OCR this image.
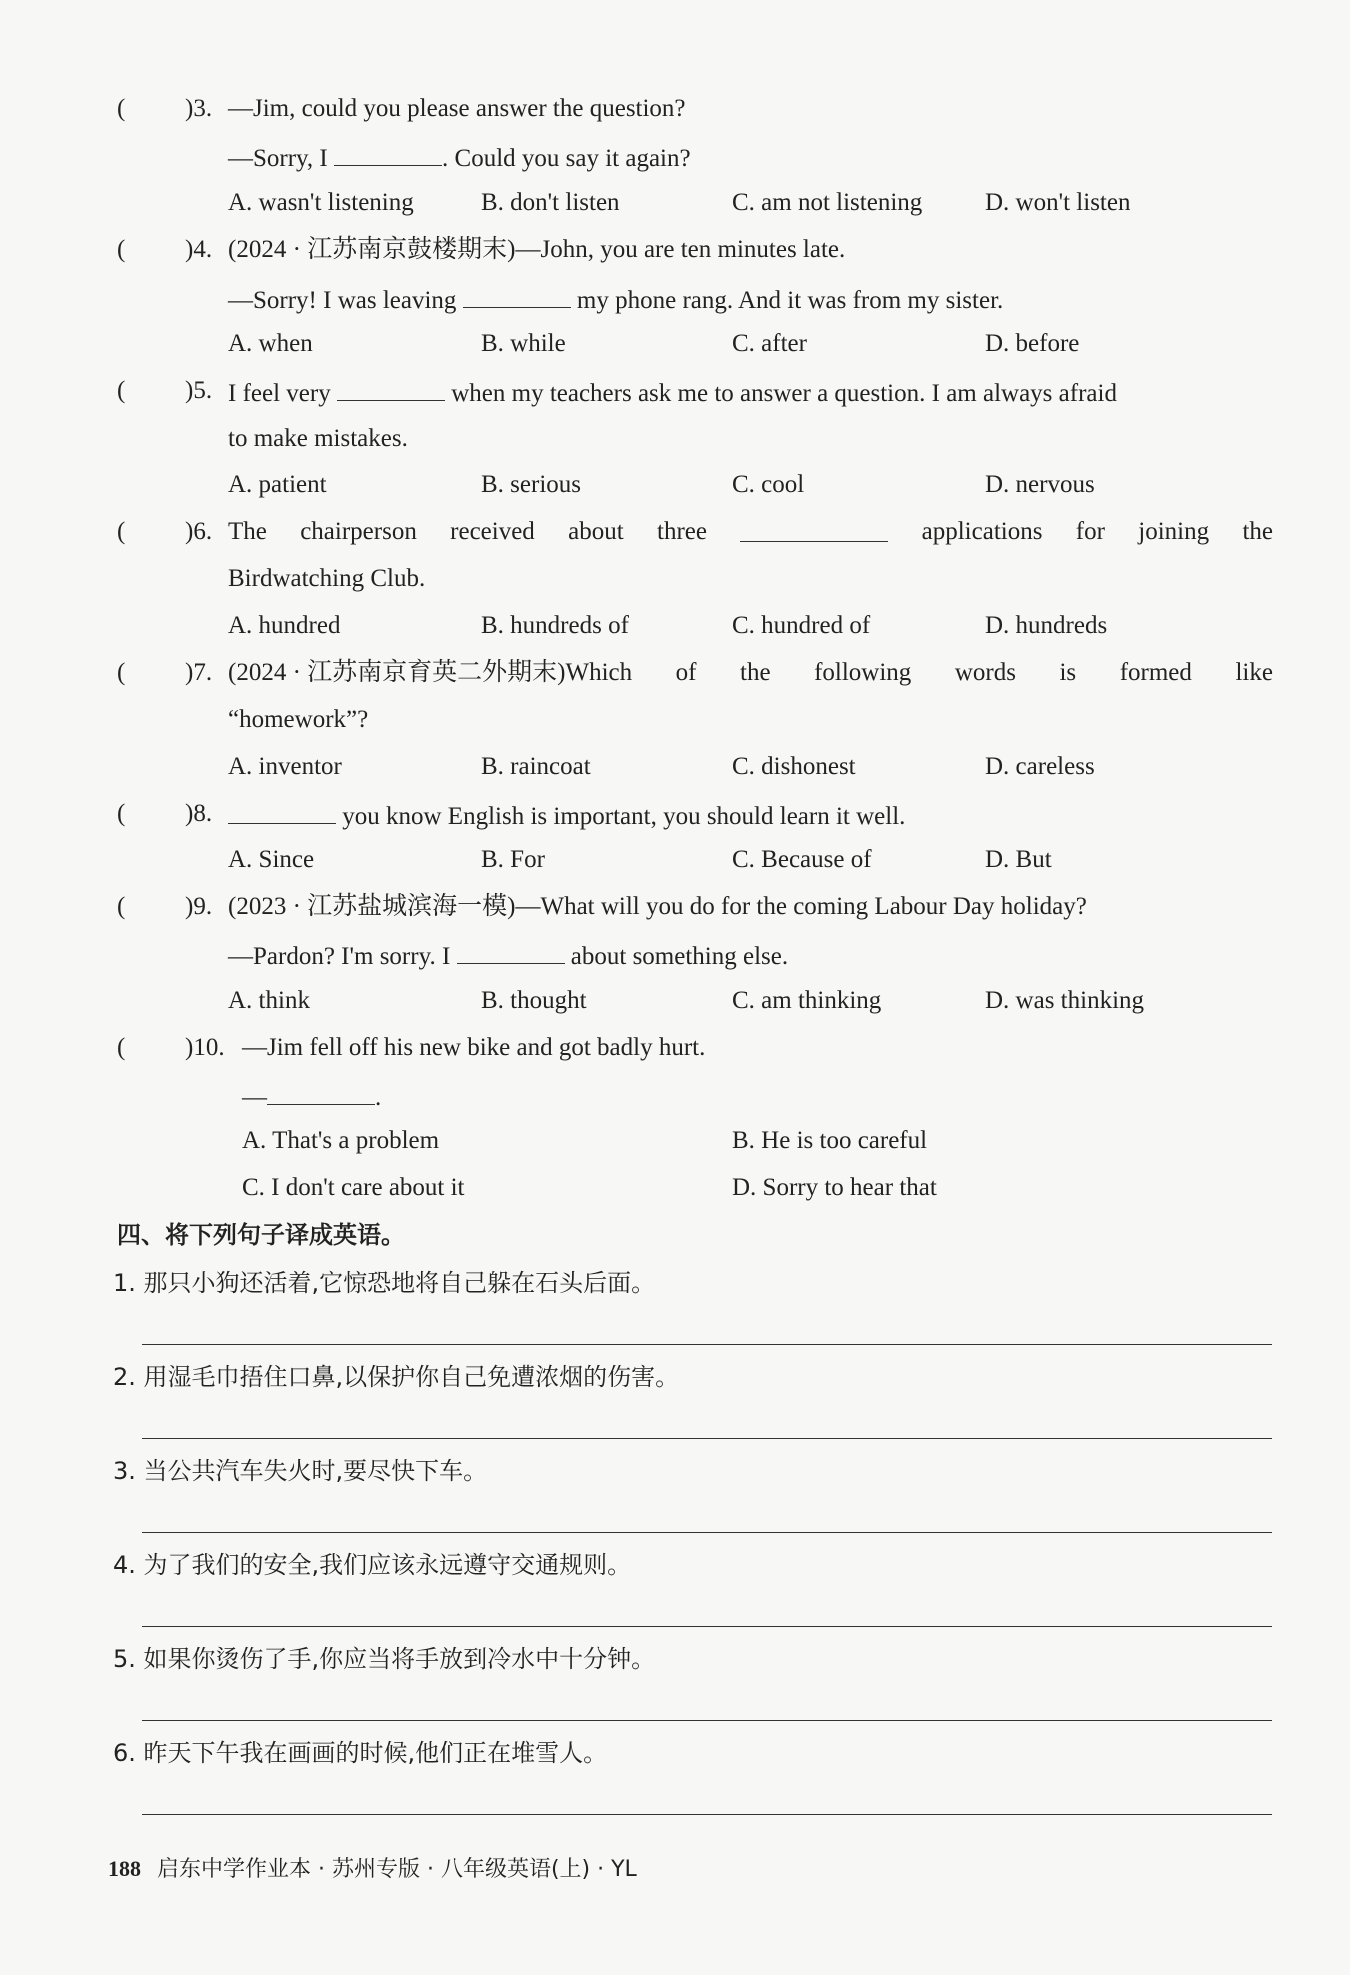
( )3. —Jim, could you please answer the question?
—Sorry, I	. Could you say it again?
A. wasn't listening	B. don't listen	C. am not listening	D. won't listen
( )4. (2024 · 江苏南京鼓楼期末)—John, you are ten minutes late.
—Sorry! I was leaving	my phone rang. And it was from my sister.
A. when	B. while	C. after	D. before
( )5. I feel very	when my teachers ask me to answer a question. I am always afraid
to make mistakes.
A. patient	B. serious	C. cool	D. nervous
( )6. The chairperson received about three	applications for joining the
Birdwatching Club.
A. hundred	B. hundreds of	C. hundred of	D. hundreds
( )7. (2024 · 江苏南京育英二外期末)Which of the following words is formed like
“homework”?
A. inventor	B. raincoat	C. dishonest	D. careless
( )8.	you know English is important, you should learn it well.
A. Since	B. For	C. Because of	D. But
( )9. (2023 · 江苏盐城滨海一模)—What will you do for the coming Labour Day holiday?
—Pardon? I'm sorry. I	about something else.
A. think	B. thought	C. am thinking	D. was thinking
( )10. —Jim fell off his new bike and got badly hurt.
—	.
A. That's a problem	B. He is too careful
C. I don't care about it	D. Sorry to hear that
四、将下列句子译成英语。
1. 那只小狗还活着,它惊恐地将自己躲在石头后面。
2. 用湿毛巾捂住口鼻,以保护你自己免遭浓烟的伤害。
3. 当公共汽车失火时,要尽快下车。
4. 为了我们的安全,我们应该永远遵守交通规则。
5. 如果你烫伤了手,你应当将手放到冷水中十分钟。
6. 昨天下午我在画画的时候,他们正在堆雪人。
188 启东中学作业本 · 苏州专版 · 八年级英语(上) · YL
